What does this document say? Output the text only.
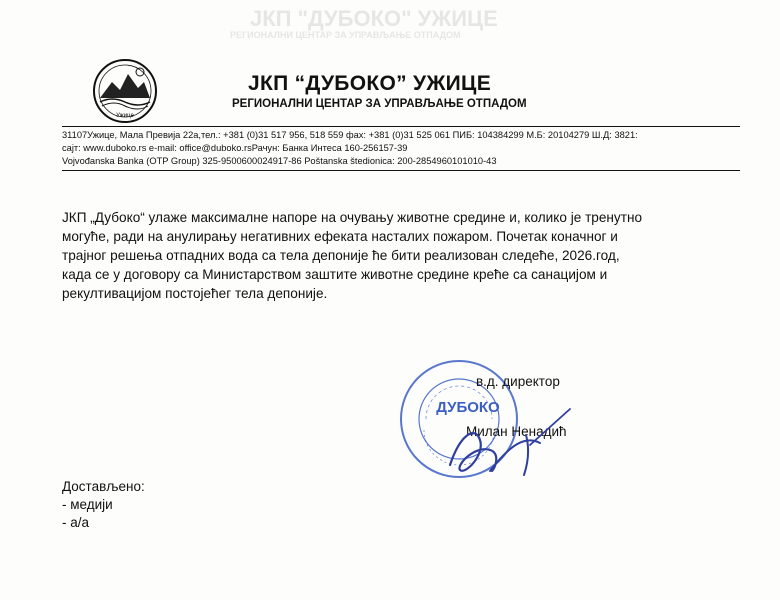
ЈКП "ДУБОКО" УЖИЦЕ
РЕГИОНАЛНИ ЦЕНТАР ЗА УПРАВЉАЊЕ ОТПАДОМ
Ужице
ЈКП “ДУБОКО” УЖИЦЕ
РЕГИОНАЛНИ ЦЕНТАР ЗА УПРАВЉАЊЕ ОТПАДОМ
31107Ужице, Мала Превија 22а,тел.: +381 (0)31 517 956, 518 559 фах: +381 (0)31 525 061 ПИБ: 104384299 М.Б: 20104279 Ш.Д: 3821:
сајт: www.duboko.rs e-mail: office@duboko.rsРачун: Банка Интеса 160-256157-39
Vojvođanska Banka (OTP Group) 325-9500600024917-86 Poštanska štedionica: 200-2854960101010-43

ЈКП „Дубоко“ улаже максималне напоре на очувању животне средине и, колико је тренутно
могуће, ради на анулирању негативних ефеката насталих пожаром. Почетак коначног и
трајног решења отпадних вода са тела депоније ће бити реализован следеће, 2026.год,
када се у договору са Министарством заштите животне средине креће са санацијом и
рекултивацијом постојећег тела депоније.

ДУБОКО
в.д. директор
Милан Ненадић
Достављено:
- медији
- а/а
